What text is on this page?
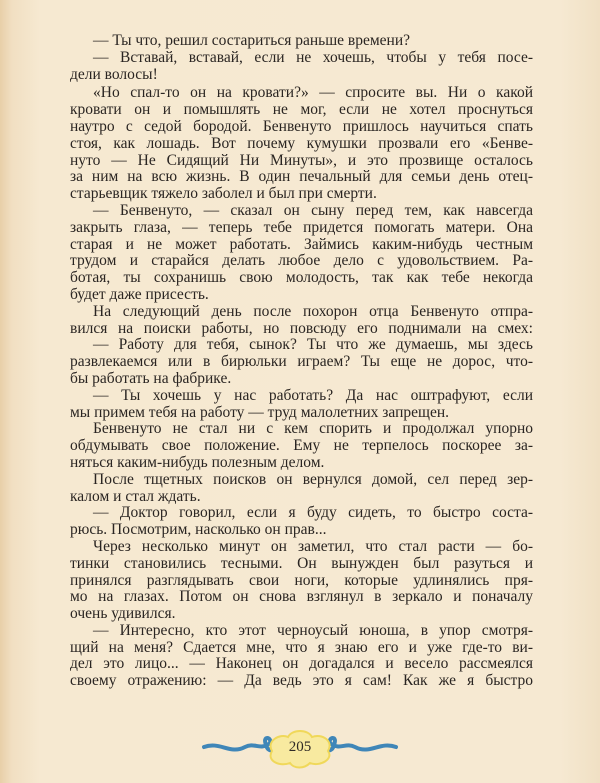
— Ты что, решил состариться раньше времени?
— Вставай, вставай, если не хочешь, чтобы у тебя посе-
дели волосы!
«Но спал-то он на кровати?» — спросите вы. Ни о какой
кровати он и помышлять не мог, если не хотел проснуться
наутро с седой бородой. Бенвенуто пришлось научиться спать
стоя, как лошадь. Вот почему кумушки прозвали его «Бенве-
нуто — Не Сидящий Ни Минуты», и это прозвище осталось
за ним на всю жизнь. В один печальный для семьи день отец-
старьевщик тяжело заболел и был при смерти.
— Бенвенуто, — сказал он сыну перед тем, как навсегда
закрыть глаза, — теперь тебе придется помогать матери. Она
старая и не может работать. Займись каким-нибудь честным
трудом и старайся делать любое дело с удовольствием. Ра-
ботая, ты сохранишь свою молодость, так как тебе некогда
будет даже присесть.
На следующий день после похорон отца Бенвенуто отпра-
вился на поиски работы, но повсюду его поднимали на смех:
— Работу для тебя, сынок? Ты что же думаешь, мы здесь
развлекаемся или в бирюльки играем? Ты еще не дорос, что-
бы работать на фабрике.
— Ты хочешь у нас работать? Да нас оштрафуют, если
мы примем тебя на работу — труд малолетних запрещен.
Бенвенуто не стал ни с кем спорить и продолжал упорно
обдумывать свое положение. Ему не терпелось поскорее за-
няться каким-нибудь полезным делом.
После тщетных поисков он вернулся домой, сел перед зер-
калом и стал ждать.
— Доктор говорил, если я буду сидеть, то быстро соста-
рюсь. Посмотрим, насколько он прав...
Через несколько минут он заметил, что стал расти — бо-
тинки становились тесными. Он вынужден был разуться и
принялся разглядывать свои ноги, которые удлинялись пря-
мо на глазах. Потом он снова взглянул в зеркало и поначалу
очень удивился.
— Интересно, кто этот черноусый юноша, в упор смотря-
щий на меня? Сдается мне, что я знаю его и уже где-то ви-
дел это лицо... — Наконец он догадался и весело рассмеялся
своему отражению: — Да ведь это я сам! Как же я быстро
205
